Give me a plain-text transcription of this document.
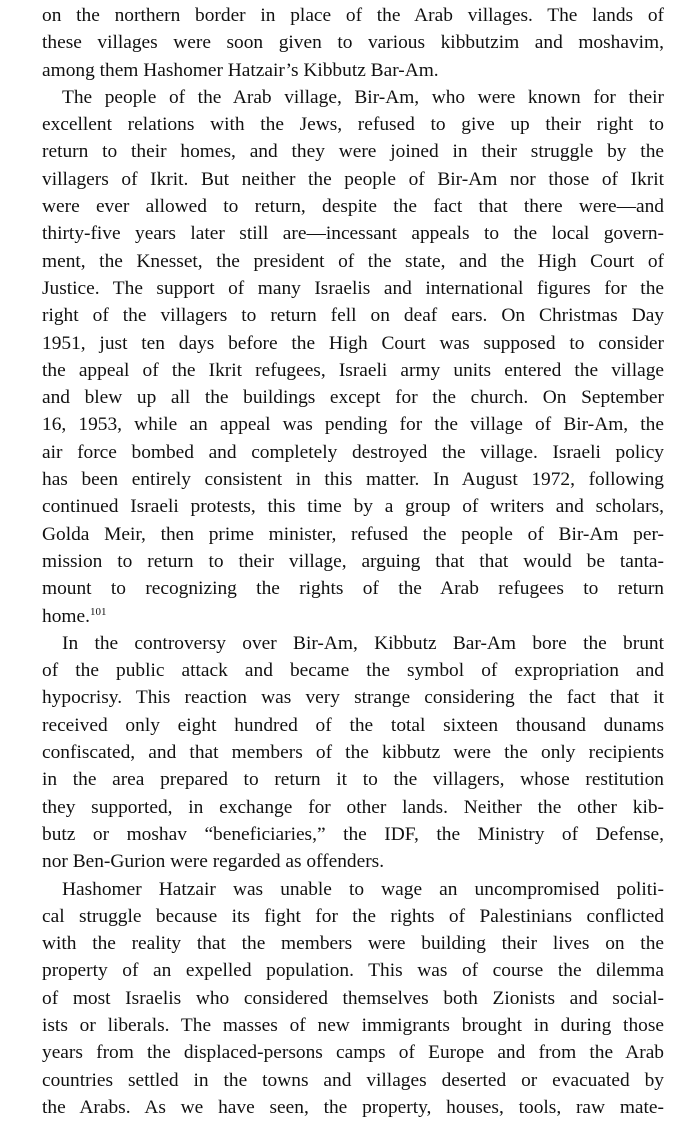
on the northern border in place of the Arab villages. The lands of
these villages were soon given to various kibbutzim and moshavim,
among them Hashomer Hatzair’s Kibbutz Bar-Am.
The people of the Arab village, Bir-Am, who were known for their
excellent relations with the Jews, refused to give up their right to
return to their homes, and they were joined in their struggle by the
villagers of Ikrit. But neither the people of Bir-Am nor those of Ikrit
were ever allowed to return, despite the fact that there were—and
thirty-five years later still are—incessant appeals to the local govern-
ment, the Knesset, the president of the state, and the High Court of
Justice. The support of many Israelis and international figures for the
right of the villagers to return fell on deaf ears. On Christmas Day
1951, just ten days before the High Court was supposed to consider
the appeal of the Ikrit refugees, Israeli army units entered the village
and blew up all the buildings except for the church. On September
16, 1953, while an appeal was pending for the village of Bir-Am, the
air force bombed and completely destroyed the village. Israeli policy
has been entirely consistent in this matter. In August 1972, following
continued Israeli protests, this time by a group of writers and scholars,
Golda Meir, then prime minister, refused the people of Bir-Am per-
mission to return to their village, arguing that that would be tanta-
mount to recognizing the rights of the Arab refugees to return
home.$^{101}$
In the controversy over Bir-Am, Kibbutz Bar-Am bore the brunt
of the public attack and became the symbol of expropriation and
hypocrisy. This reaction was very strange considering the fact that it
received only eight hundred of the total sixteen thousand dunams
confiscated, and that members of the kibbutz were the only recipients
in the area prepared to return it to the villagers, whose restitution
they supported, in exchange for other lands. Neither the other kib-
butz or moshav “beneficiaries,” the IDF, the Ministry of Defense,
nor Ben-Gurion were regarded as offenders.
Hashomer Hatzair was unable to wage an uncompromised politi-
cal struggle because its fight for the rights of Palestinians conflicted
with the reality that the members were building their lives on the
property of an expelled population. This was of course the dilemma
of most Israelis who considered themselves both Zionists and social-
ists or liberals. The masses of new immigrants brought in during those
years from the displaced-persons camps of Europe and from the Arab
countries settled in the towns and villages deserted or evacuated by
the Arabs. As we have seen, the property, houses, tools, raw mate-
